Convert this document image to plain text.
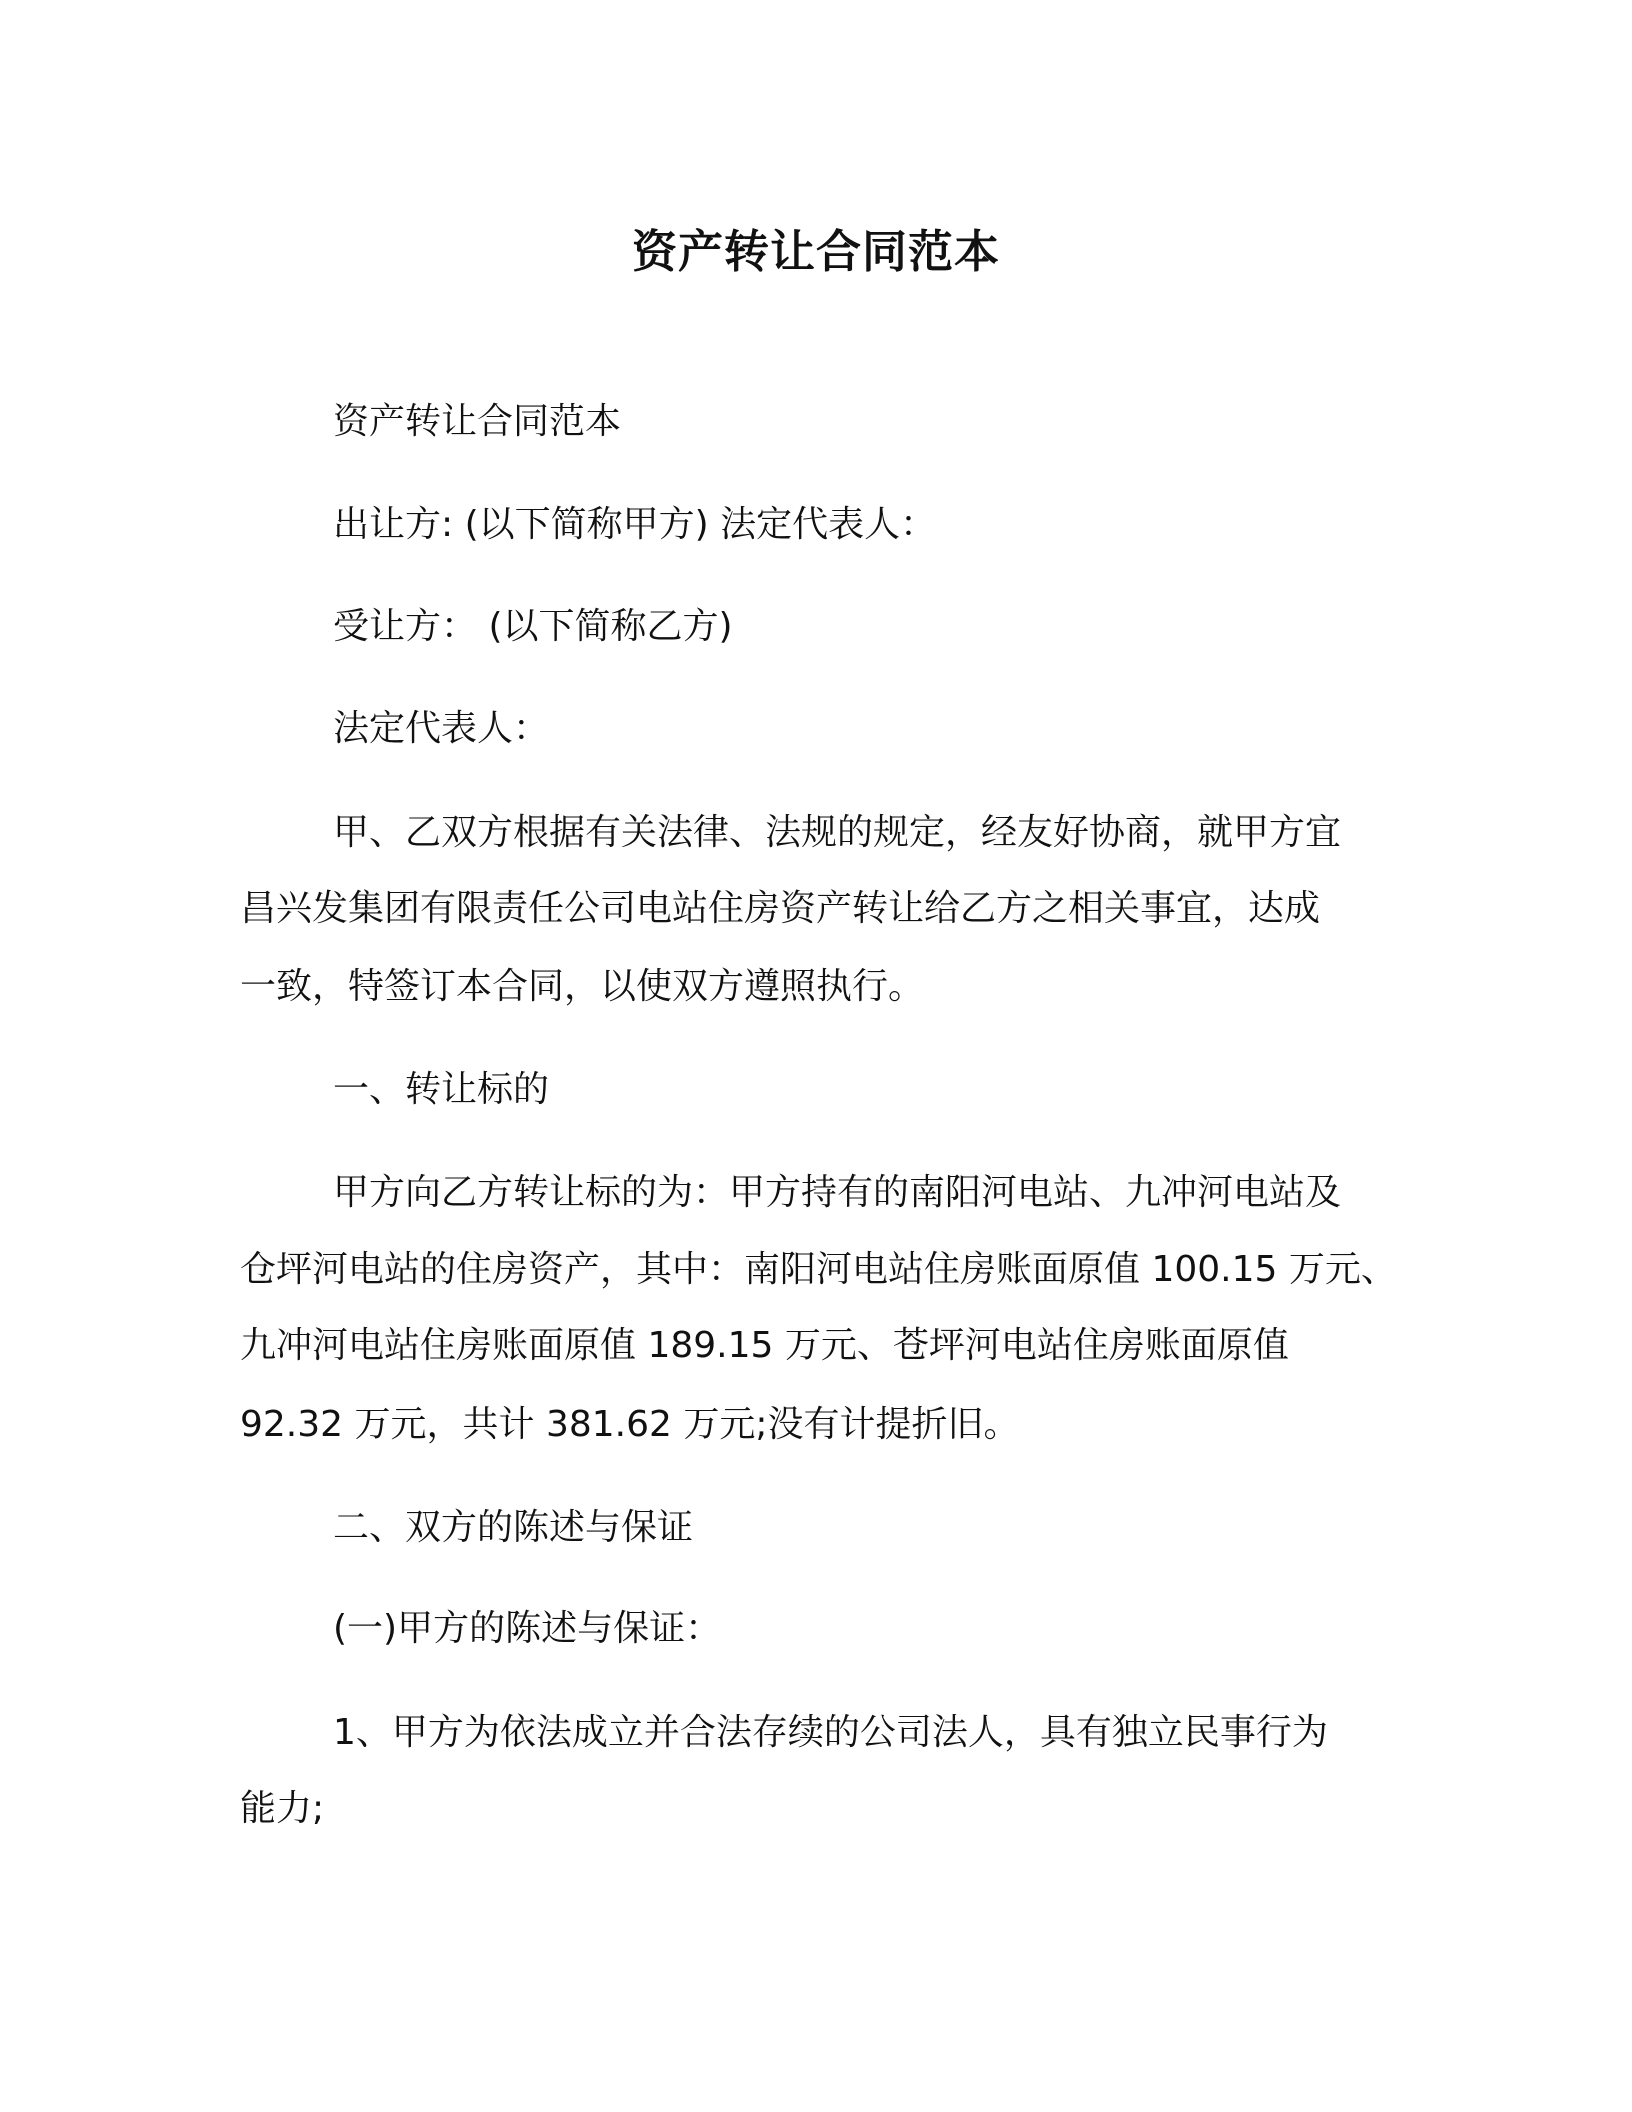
资产转让合同范本
资产转让合同范本
出让方: (以下简称甲方) 法定代表人：
受让方： (以下简称乙方)
法定代表人：
甲、乙双方根据有关法律、法规的规定，经友好协商，就甲方宜
昌兴发集团有限责任公司电站住房资产转让给乙方之相关事宜，达成
一致，特签订本合同，以使双方遵照执行。
一、转让标的
甲方向乙方转让标的为：甲方持有的南阳河电站、九冲河电站及
仓坪河电站的住房资产，其中：南阳河电站住房账面原值 100.15 万元、
九冲河电站住房账面原值 189.15 万元、苍坪河电站住房账面原值
92.32 万元，共计 381.62 万元;没有计提折旧。
二、双方的陈述与保证
(一)甲方的陈述与保证：
1、甲方为依法成立并合法存续的公司法人，具有独立民事行为
能力;
